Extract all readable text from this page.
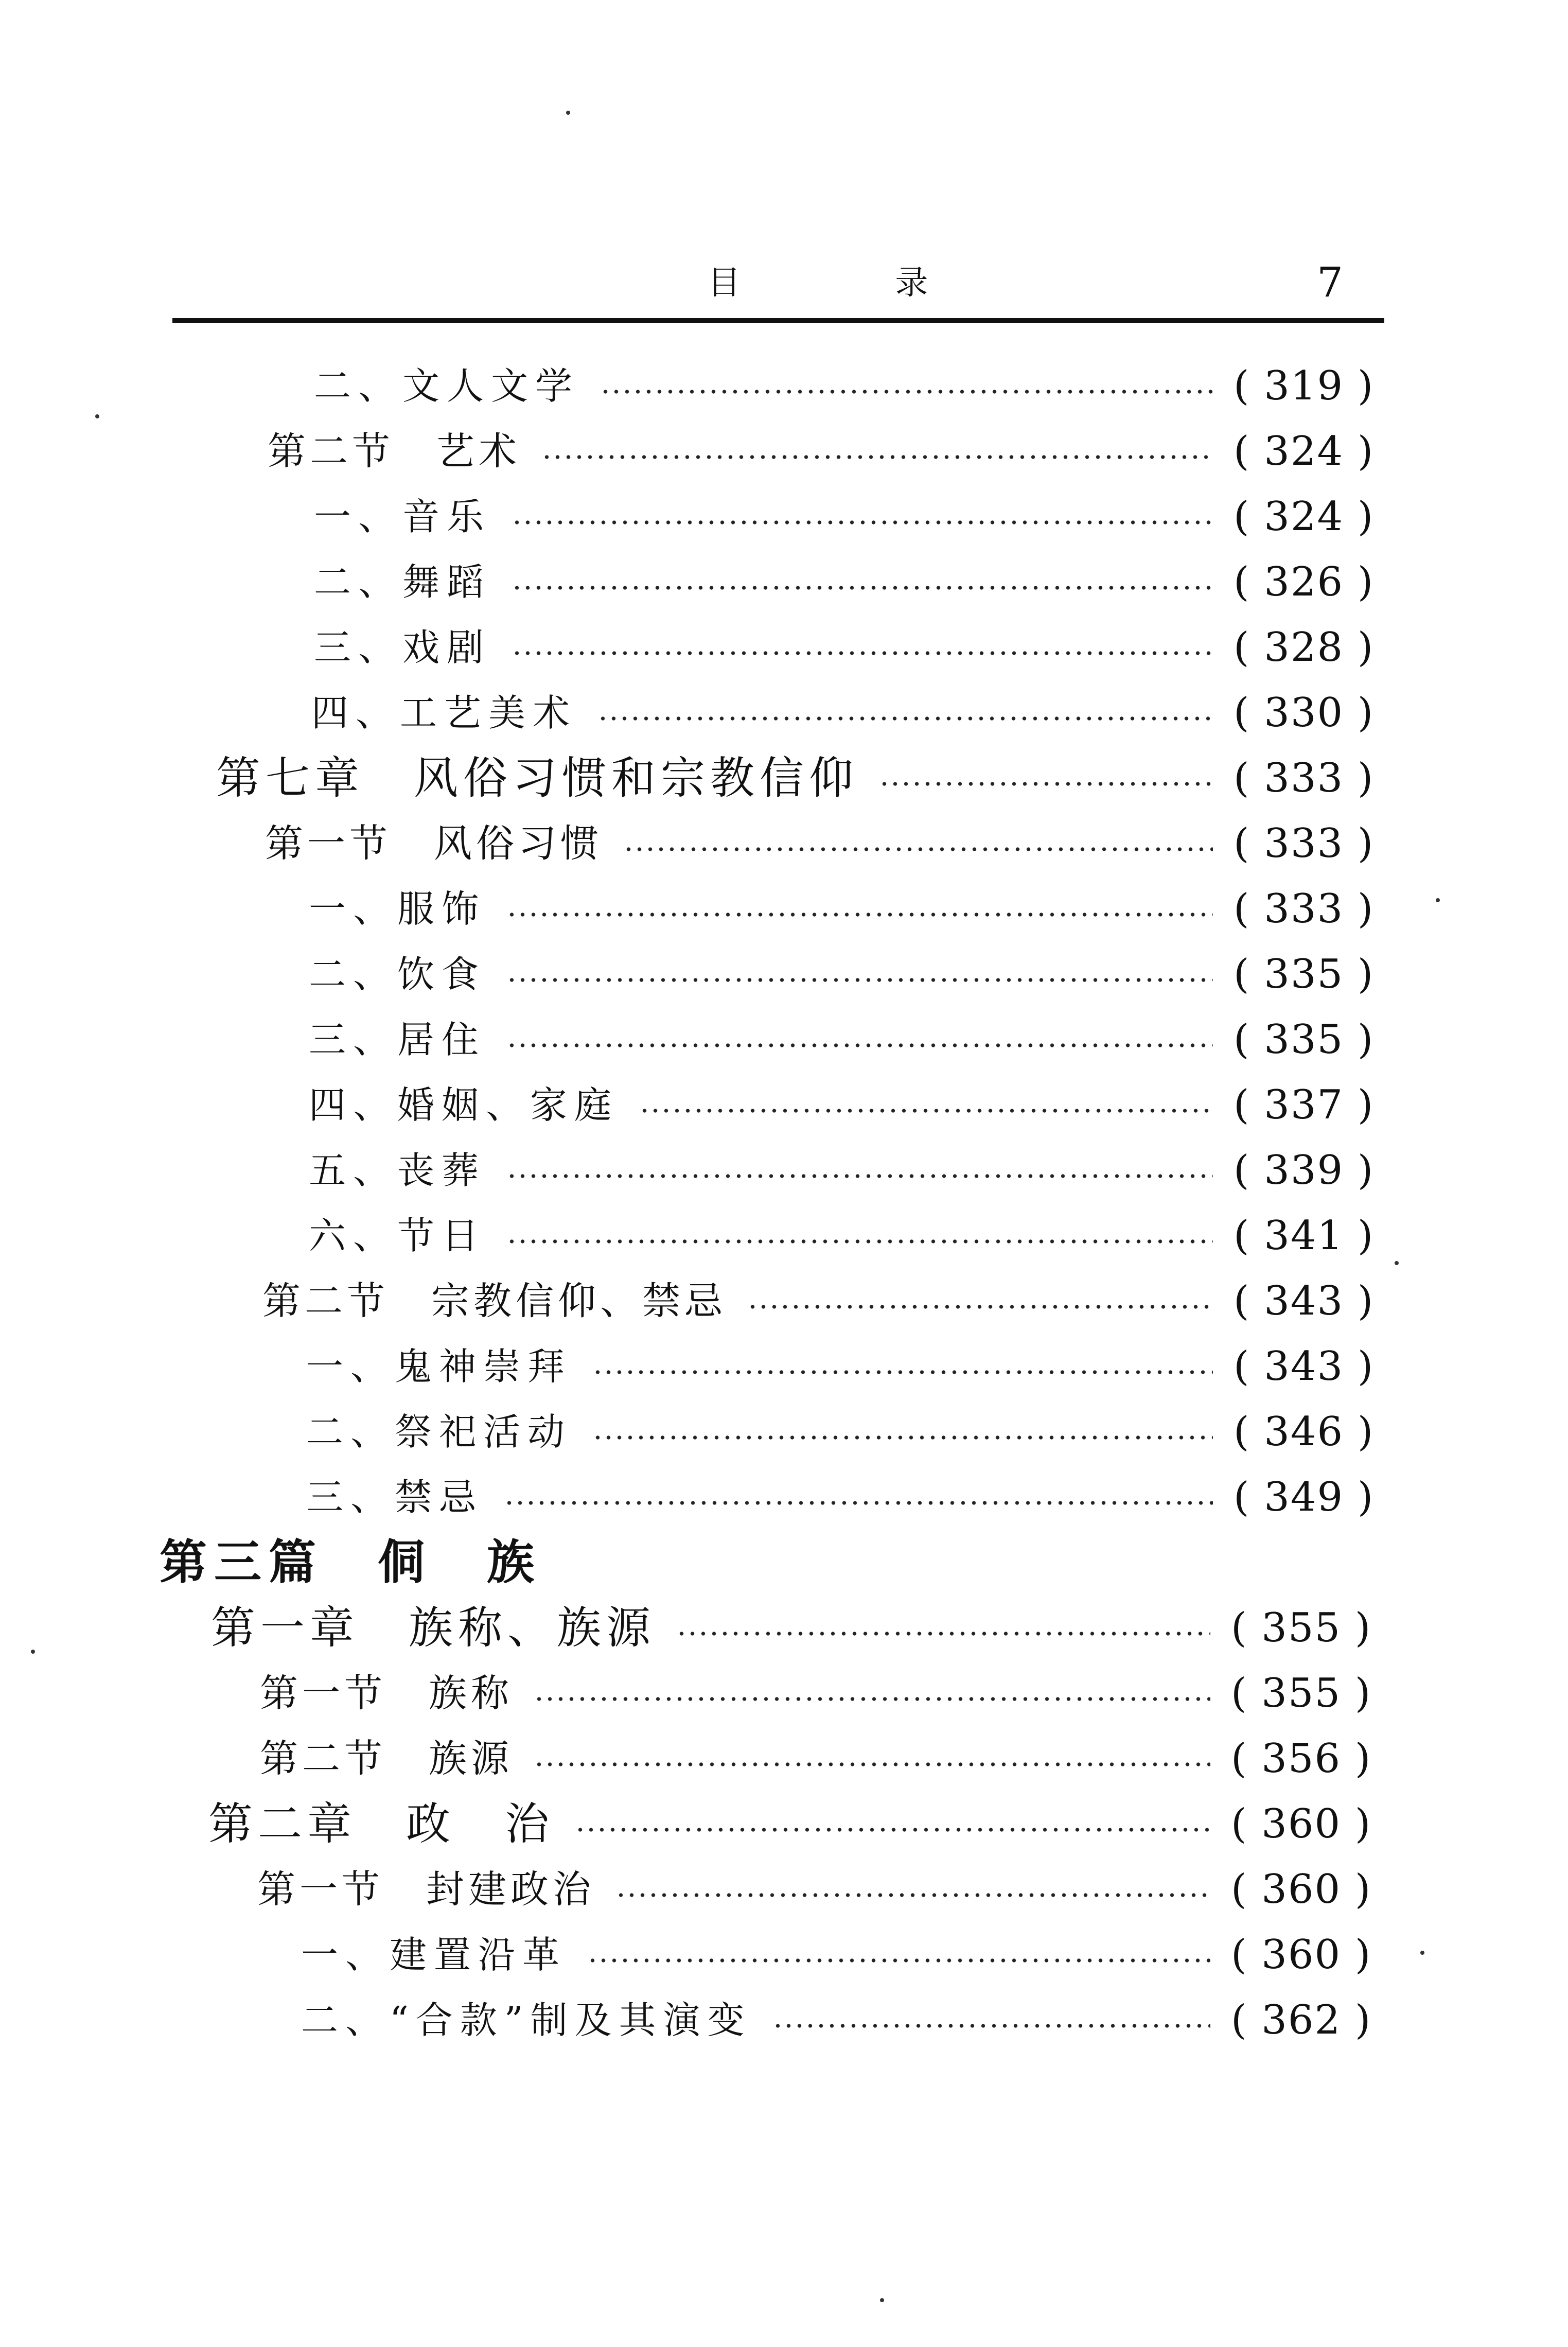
目 录	7
二、文人文学	( 319 )
第二节　艺术	( 324 )
一、音乐	( 324 )
二、舞蹈	( 326 )
三、戏剧	( 328 )
四、工艺美术	( 330 )
第七章　风俗习惯和宗教信仰	( 333 )
第一节　风俗习惯	( 333 )
一、服饰	( 333 )
二、饮食	( 335 )
三、居住	( 335 )
四、婚姻、家庭	( 337 )
五、丧葬	( 339 )
六、节日	( 341 )
第二节　宗教信仰、禁忌	( 343 )
一、鬼神崇拜	( 343 )
二、祭祀活动	( 346 )
三、禁忌	( 349 )
第三篇　侗　族
第一章　族称、族源	( 355 )
第一节　族称	( 355 )
第二节　族源	( 356 )
第二章　政　治	( 360 )
第一节　封建政治	( 360 )
一、建置沿革	( 360 )
二、“合款”制及其演变	( 362 )
